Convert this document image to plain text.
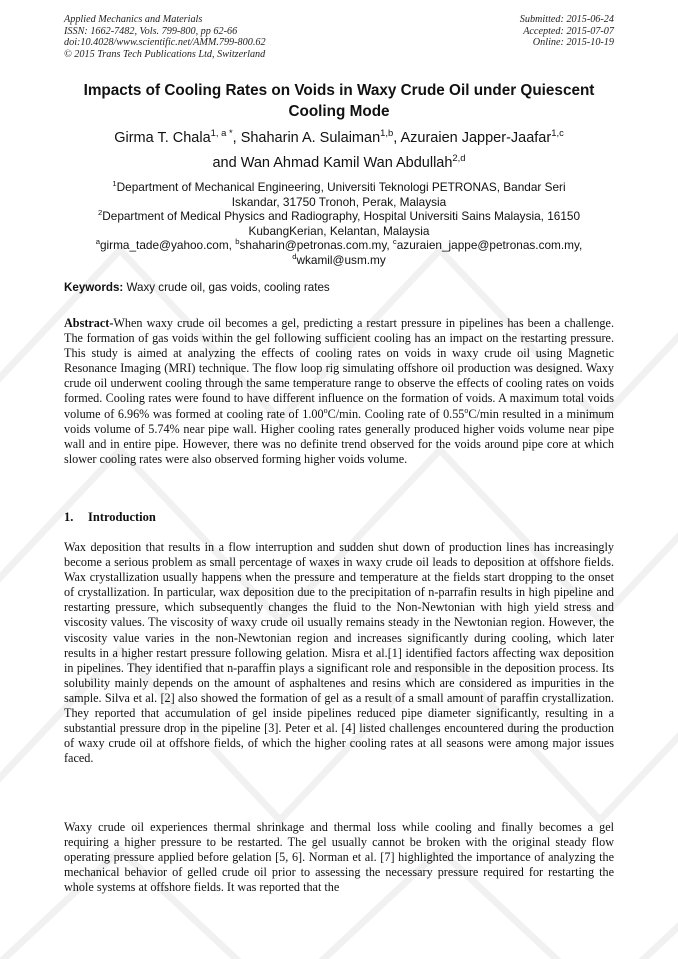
Applied Mechanics and Materials
ISSN: 1662-7482, Vols. 799-800, pp 62-66
doi:10.4028/www.scientific.net/AMM.799-800.62
© 2015 Trans Tech Publications Ltd, Switzerland
Submitted: 2015-06-24
Accepted: 2015-07-07
Online: 2015-10-19
Impacts of Cooling Rates on Voids in Waxy Crude Oil under Quiescent
Cooling Mode
Girma T. Chala$^{1, a *}$, Shaharin A. Sulaiman$^{1,b}$, Azuraien Japper-Jaafar$^{1,c}$
and Wan Ahmad Kamil Wan Abdullah$^{2,d}$
$^1$Department of Mechanical Engineering, Universiti Teknologi PETRONAS, Bandar Seri
Iskandar, 31750 Tronoh, Perak, Malaysia
$^2$Department of Medical Physics and Radiography, Hospital Universiti Sains Malaysia, 16150
KubangKerian, Kelantan, Malaysia
$^a$girma_tade@yahoo.com, $^b$shaharin@petronas.com.my, $^c$azuraien_jappe@petronas.com.my,
$^d$wkamil@usm.my
Keywords: Waxy crude oil, gas voids, cooling rates
Abstract-When waxy crude oil becomes a gel, predicting a restart pressure in pipelines has been a challenge. The formation of gas voids within the gel following sufficient cooling has an impact on the restarting pressure. This study is aimed at analyzing the effects of cooling rates on voids in waxy crude oil using Magnetic Resonance Imaging (MRI) technique. The flow loop rig simulating offshore oil production was designed. Waxy crude oil underwent cooling through the same temperature range to observe the effects of cooling rates on voids formed. Cooling rates were found to have different influence on the formation of voids. A maximum total voids volume of 6.96% was formed at cooling rate of 1.00$^o$C/min. Cooling rate of 0.55$^o$C/min resulted in a minimum voids volume of 5.74% near pipe wall. Higher cooling rates generally produced higher voids volume near pipe wall and in entire pipe. However, there was no definite trend observed for the voids around pipe core at which slower cooling rates were also observed forming higher voids volume.
1. Introduction
Wax deposition that results in a flow interruption and sudden shut down of production lines has increasingly become a serious problem as small percentage of waxes in waxy crude oil leads to deposition at offshore fields. Wax crystallization usually happens when the pressure and temperature at the fields start dropping to the onset of crystallization. In particular, wax deposition due to the precipitation of n-parrafin results in high pipeline and restarting pressure, which subsequently changes the fluid to the Non-Newtonian with high yield stress and viscosity values. The viscosity of waxy crude oil usually remains steady in the Newtonian region. However, the viscosity value varies in the non-Newtonian region and increases significantly during cooling, which later results in a higher restart pressure following gelation. Misra et al.[1] identified factors affecting wax deposition in pipelines. They identified that n-paraffin plays a significant role and responsible in the deposition process. Its solubility mainly depends on the amount of asphaltenes and resins which are considered as impurities in the sample. Silva et al. [2] also showed the formation of gel as a result of a small amount of paraffin crystallization. They reported that accumulation of gel inside pipelines reduced pipe diameter significantly, resulting in a substantial pressure drop in the pipeline [3]. Peter et al. [4] listed challenges encountered during the production of waxy crude oil at offshore fields, of which the higher cooling rates at all seasons were among major issues faced.
Waxy crude oil experiences thermal shrinkage and thermal loss while cooling and finally becomes a gel requiring a higher pressure to be restarted. The gel usually cannot be broken with the original steady flow operating pressure applied before gelation [5, 6]. Norman et al. [7] highlighted the importance of analyzing the mechanical behavior of gelled crude oil prior to assessing the necessary pressure required for restarting the whole systems at offshore fields. It was reported that the
